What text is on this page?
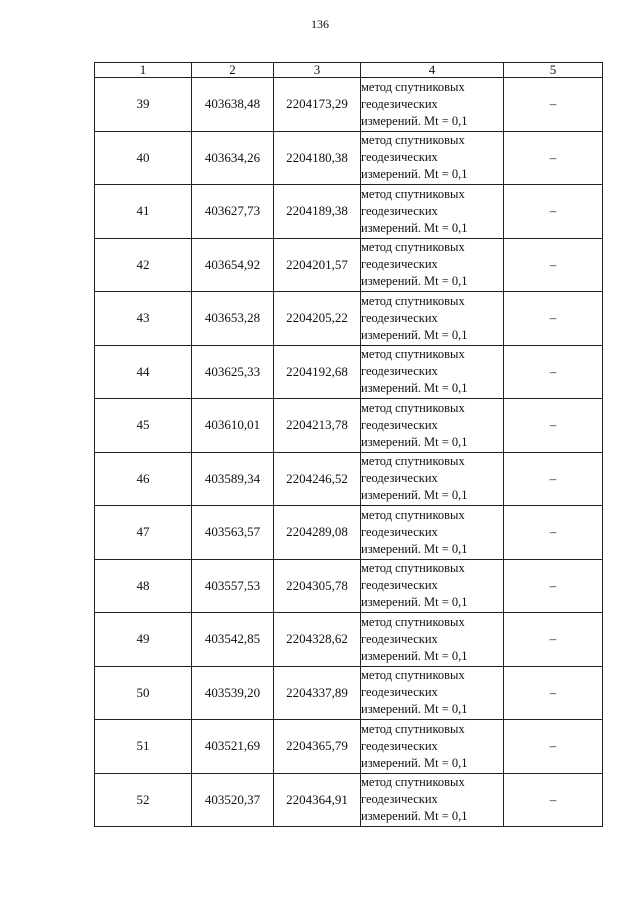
136
1	2	3	4	5
39	403638,48	2204173,29	метод спутниковых
геодезических
измерений. Mt = 0,1	–
40	403634,26	2204180,38	метод спутниковых
геодезических
измерений. Mt = 0,1	–
41	403627,73	2204189,38	метод спутниковых
геодезических
измерений. Mt = 0,1	–
42	403654,92	2204201,57	метод спутниковых
геодезических
измерений. Mt = 0,1	–
43	403653,28	2204205,22	метод спутниковых
геодезических
измерений. Mt = 0,1	–
44	403625,33	2204192,68	метод спутниковых
геодезических
измерений. Mt = 0,1	–
45	403610,01	2204213,78	метод спутниковых
геодезических
измерений. Mt = 0,1	–
46	403589,34	2204246,52	метод спутниковых
геодезических
измерений. Mt = 0,1	–
47	403563,57	2204289,08	метод спутниковых
геодезических
измерений. Mt = 0,1	–
48	403557,53	2204305,78	метод спутниковых
геодезических
измерений. Mt = 0,1	–
49	403542,85	2204328,62	метод спутниковых
геодезических
измерений. Mt = 0,1	–
50	403539,20	2204337,89	метод спутниковых
геодезических
измерений. Mt = 0,1	–
51	403521,69	2204365,79	метод спутниковых
геодезических
измерений. Mt = 0,1	–
52	403520,37	2204364,91	метод спутниковых
геодезических
измерений. Mt = 0,1	–
